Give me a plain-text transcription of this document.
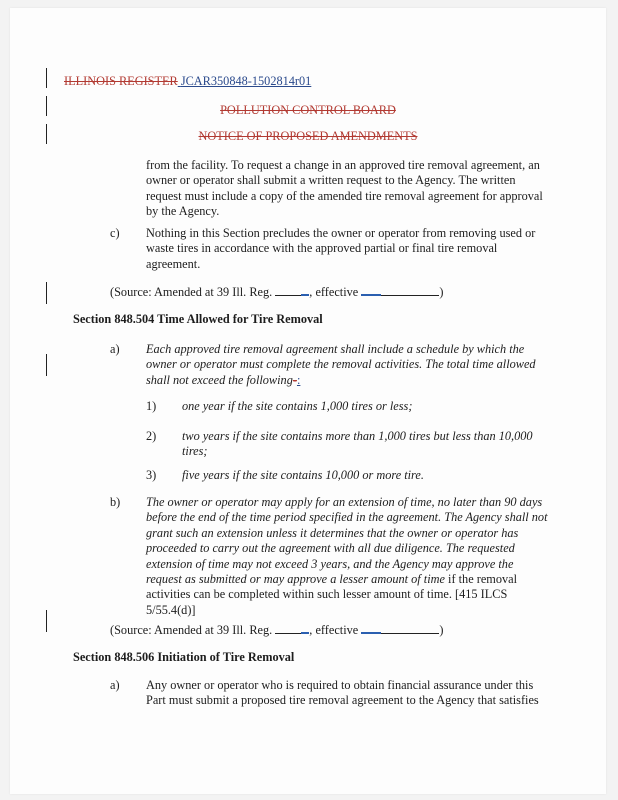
ILLINOIS REGISTER JCAR350848-1502814r01
POLLUTION CONTROL BOARD
NOTICE OF PROPOSED AMENDMENTS
from the facility. To request a change in an approved tire removal agreement, an
owner or operator shall submit a written request to the Agency. The written
request must include a copy of the amended tire removal agreement for approval
by the Agency.
c) Nothing in this Section precludes the owner or operator from removing used or
waste tires in accordance with the approved partial or final tire removal
agreement.
(Source: Amended at 39 Ill. Reg.	, effective	)
Section 848.504 Time Allowed for Tire Removal
a) Each approved tire removal agreement shall include a schedule by which the
owner or operator must complete the removal activities. The total time allowed
shall not exceed the following-:
1) one year if the site contains 1,000 tires or less;
2) two years if the site contains more than 1,000 tires but less than 10,000
tires;
3) five years if the site contains 10,000 or more tire.
b) The owner or operator may apply for an extension of time, no later than 90 days
before the end of the time period specified in the agreement. The Agency shall not
grant such an extension unless it determines that the owner or operator has
proceeded to carry out the agreement with all due diligence. The requested
extension of time may not exceed 3 years, and the Agency may approve the
request as submitted or may approve a lesser amount of time if the removal
activities can be completed within such lesser amount of time. [415 ILCS
5/55.4(d)]
(Source: Amended at 39 Ill. Reg.	, effective	)
Section 848.506 Initiation of Tire Removal
a) Any owner or operator who is required to obtain financial assurance under this
Part must submit a proposed tire removal agreement to the Agency that satisfies
